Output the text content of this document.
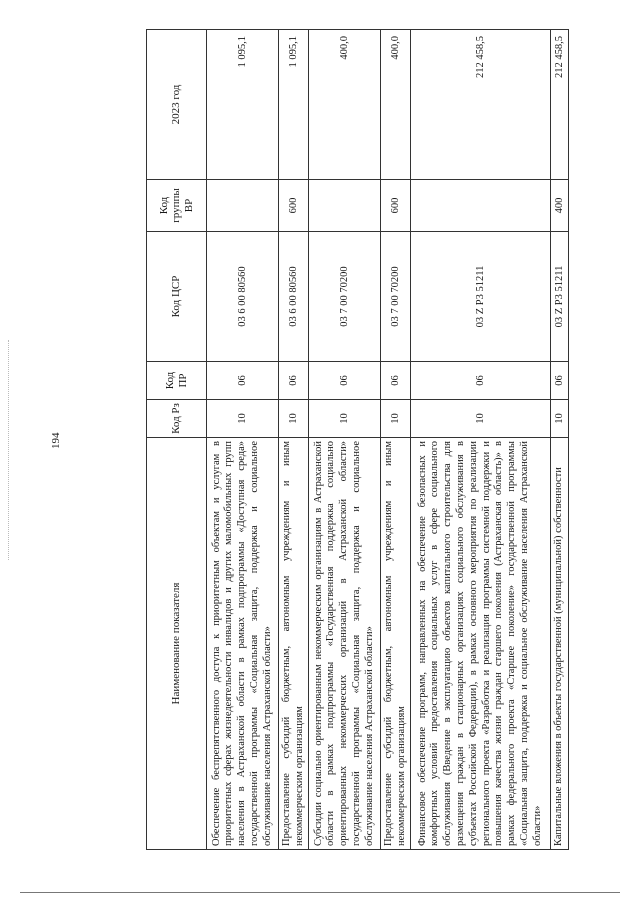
194
Наименование показателя	Код Рз	Код ПР	Код ЦСР	Код группы ВР	2023 год
Обеспечение беспрепятственного доступа к приоритетным объектам и услугам в приоритетных сферах жизнедеятельности инвалидов и других маломобильных групп населения в Астраханской области в рамках подпрограммы «Доступная среда» государственной программы «Социальная защита, поддержка и социальное обслуживание населения Астраханской области»	10	06	03 6 00 80560		1 095,1
Предоставление субсидий бюджетным, автономным учреждениям и иным некоммерческим организациям	10	06	03 6 00 80560	600	1 095,1
Субсидии социально ориентированным некоммерческим организациям в Астраханской области в рамках подпрограммы «Государственная поддержка социально ориентированных некоммерческих организаций в Астраханской области» государственной программы «Социальная защита, поддержка и социальное обслуживание населения Астраханской области»	10	06	03 7 00 70200		400,0
Предоставление субсидий бюджетным, автономным учреждениям и иным некоммерческим организациям	10	06	03 7 00 70200	600	400,0
Финансовое обеспечение программ, направленных на обеспечение безопасных и комфортных условий предоставления социальных услуг в сфере социального обслуживания (Введение в эксплуатацию объектов капитального строительства для размещения граждан в стационарных организациях социального обслуживания в субъектах Российской Федерации), в рамках основного мероприятия по реализации регионального проекта «Разработка и реализация программы системной поддержки и повышения качества жизни граждан старшего поколения (Астраханская область)» в рамках федерального проекта «Старшее поколение» государственной программы «Социальная защита, поддержка и социальное обслуживание населения Астраханской области»	10	06	03 Z P3 51211		212 458,5
Капитальные вложения в объекты государственной (муниципальной) собственности	10	06	03 Z P3 51211	400	212 458,5
